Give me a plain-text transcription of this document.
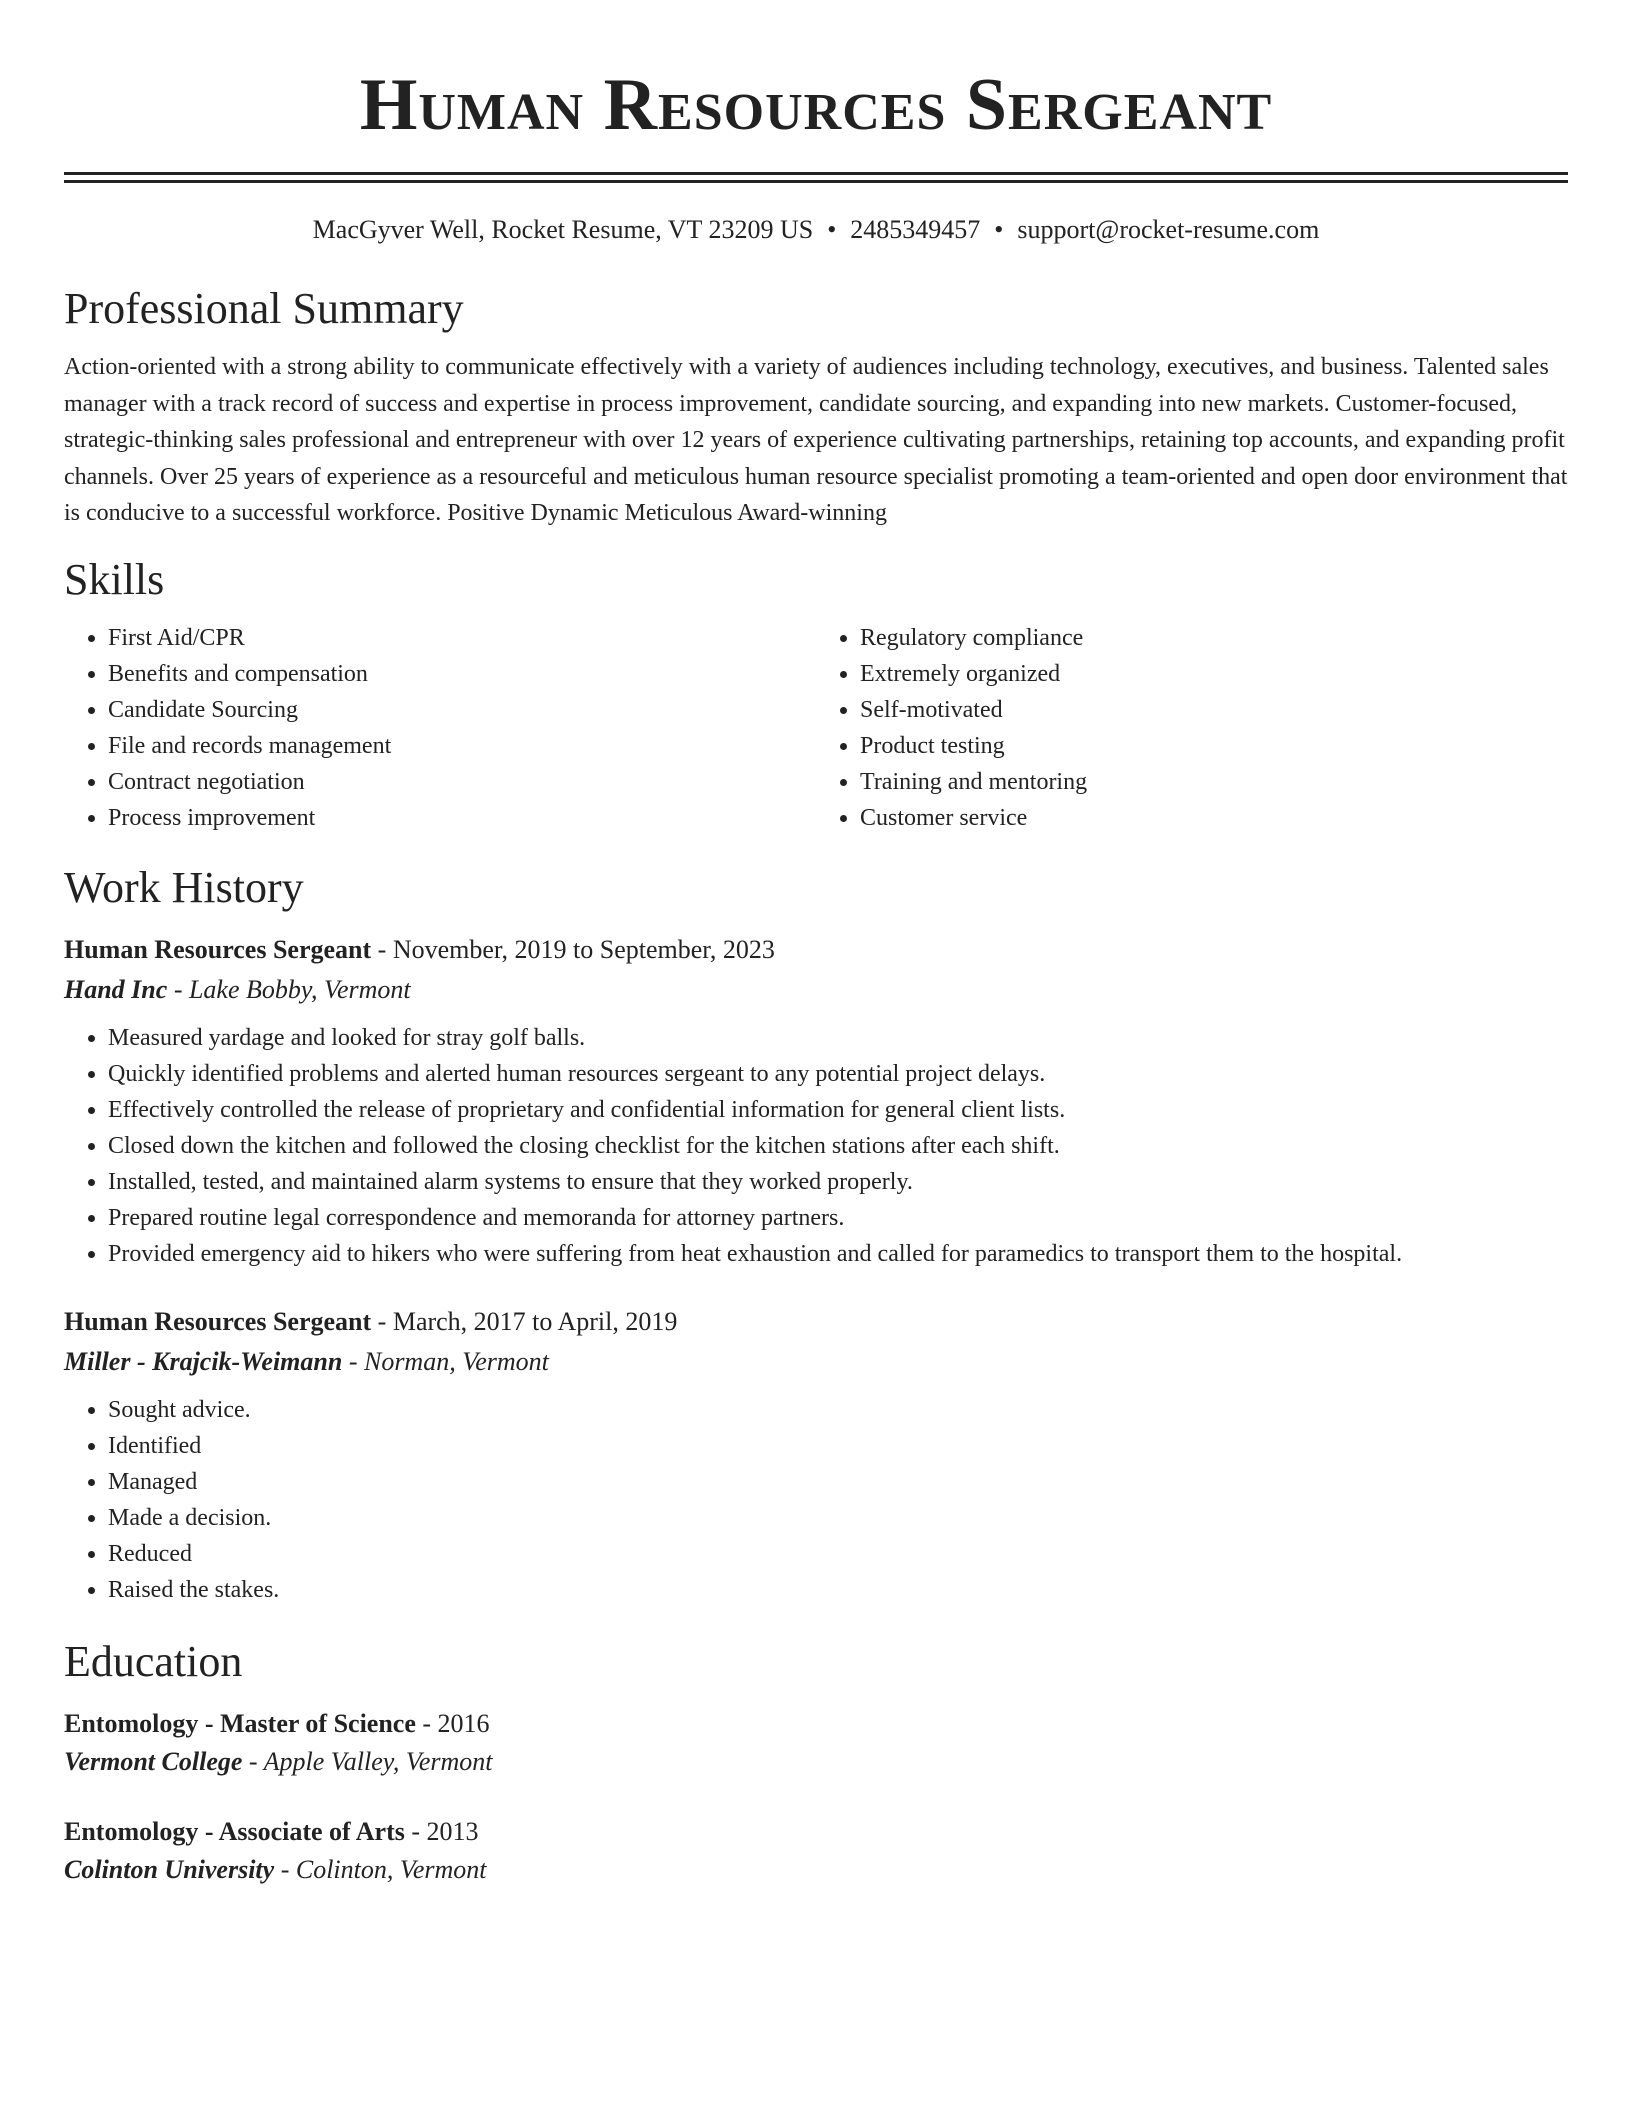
Human Resources Sergeant
MacGyver Well, Rocket Resume, VT 23209 US • 2485349457 • support@rocket-resume.com
Professional Summary

Action-oriented with a strong ability to communicate effectively with a variety of audiences including technology, executives, and business. Talented sales manager with a track record of success and expertise in process improvement, candidate sourcing, and expanding into new markets. Customer-focused, strategic-thinking sales professional and entrepreneur with over 12 years of experience cultivating partnerships, retaining top accounts, and expanding profit channels. Over 25 years of experience as a resourceful and meticulous human resource specialist promoting a team-oriented and open door environment that is conducive to a successful workforce. Positive Dynamic Meticulous Award-winning

Skills
• First Aid/CPR
• Benefits and compensation
• Candidate Sourcing
• File and records management
• Contract negotiation
• Process improvement
• Regulatory compliance
• Extremely organized
• Self-motivated
• Product testing
• Training and mentoring
• Customer service
Work History
Human Resources Sergeant - November, 2019 to September, 2023
Hand Inc - Lake Bobby, Vermont
• Measured yardage and looked for stray golf balls.
• Quickly identified problems and alerted human resources sergeant to any potential project delays.
• Effectively controlled the release of proprietary and confidential information for general client lists.
• Closed down the kitchen and followed the closing checklist for the kitchen stations after each shift.
• Installed, tested, and maintained alarm systems to ensure that they worked properly.
• Prepared routine legal correspondence and memoranda for attorney partners.
• Provided emergency aid to hikers who were suffering from heat exhaustion and called for paramedics to transport them to the hospital.
Human Resources Sergeant - March, 2017 to April, 2019
Miller - Krajcik-Weimann - Norman, Vermont
• Sought advice.
• Identified
• Managed
• Made a decision.
• Reduced
• Raised the stakes.
Education
Entomology - Master of Science - 2016
Vermont College - Apple Valley, Vermont
Entomology - Associate of Arts - 2013
Colinton University - Colinton, Vermont
